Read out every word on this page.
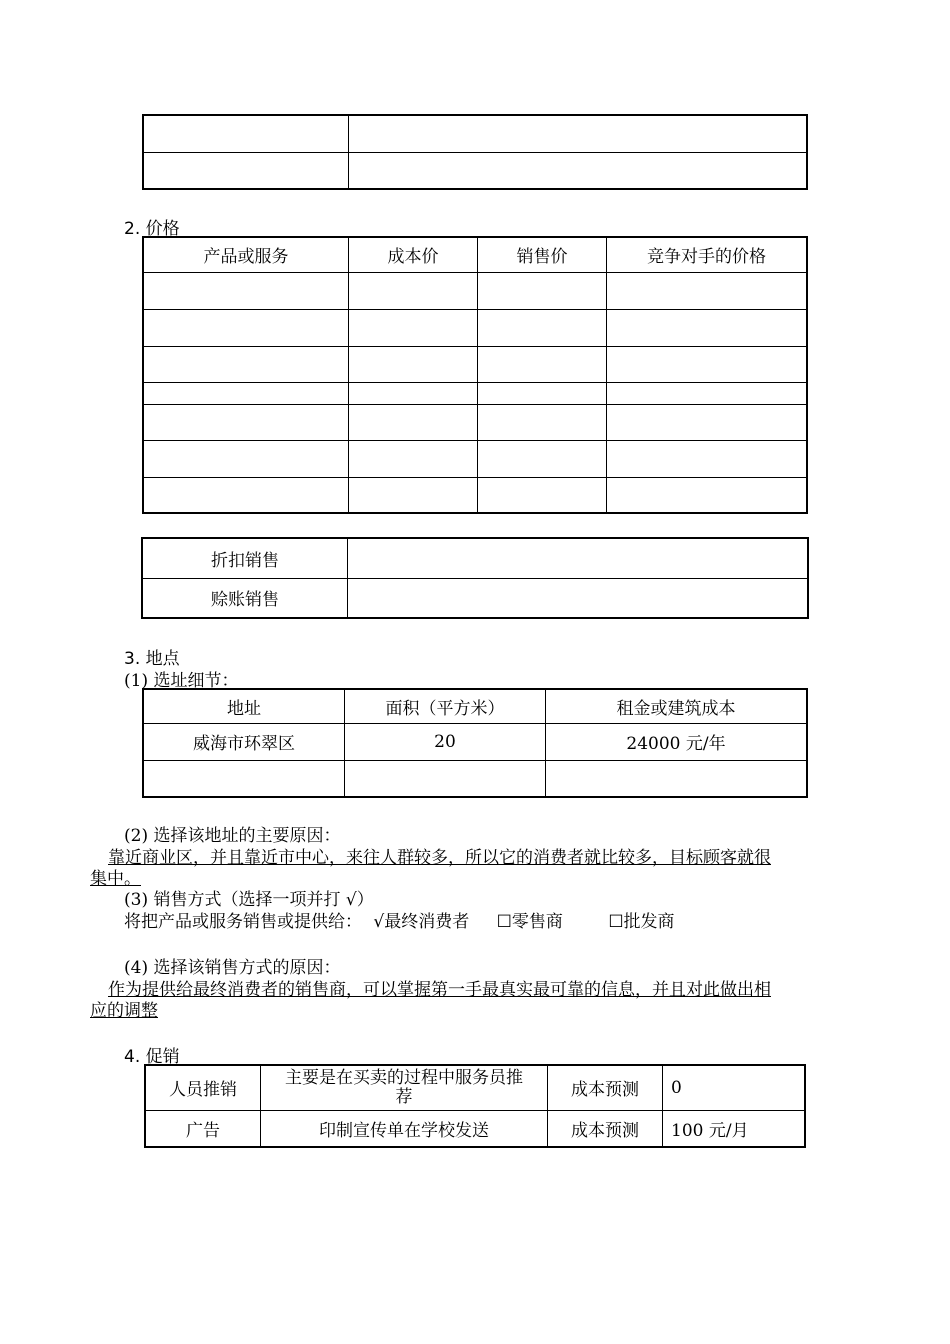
2. 价格
产品或服务	成本价	销售价	竞争对手的价格

折扣销售	
赊账销售	
3. 地点
(1) 选址细节：
地址	面积（平方米）	租金或建筑成本
威海市环翠区	20	24000 元/年

(2) 选择该地址的主要原因：
靠近商业区，并且靠近市中心，来往人群较多，所以它的消费者就比较多，目标顾客就很
集中。
(3) 销售方式（选择一项并打 √）
将把产品或服务销售或提供给： √最终消费者 ☐零售商	☐批发商
(4) 选择该销售方式的原因：
作为提供给最终消费者的销售商，可以掌握第一手最真实最可靠的信息，并且对此做出相
应的调整
4. 促销
人员推销	主要是在买卖的过程中服务员推
荐	成本预测	0
广告	印制宣传单在学校发送	成本预测	100 元/月
